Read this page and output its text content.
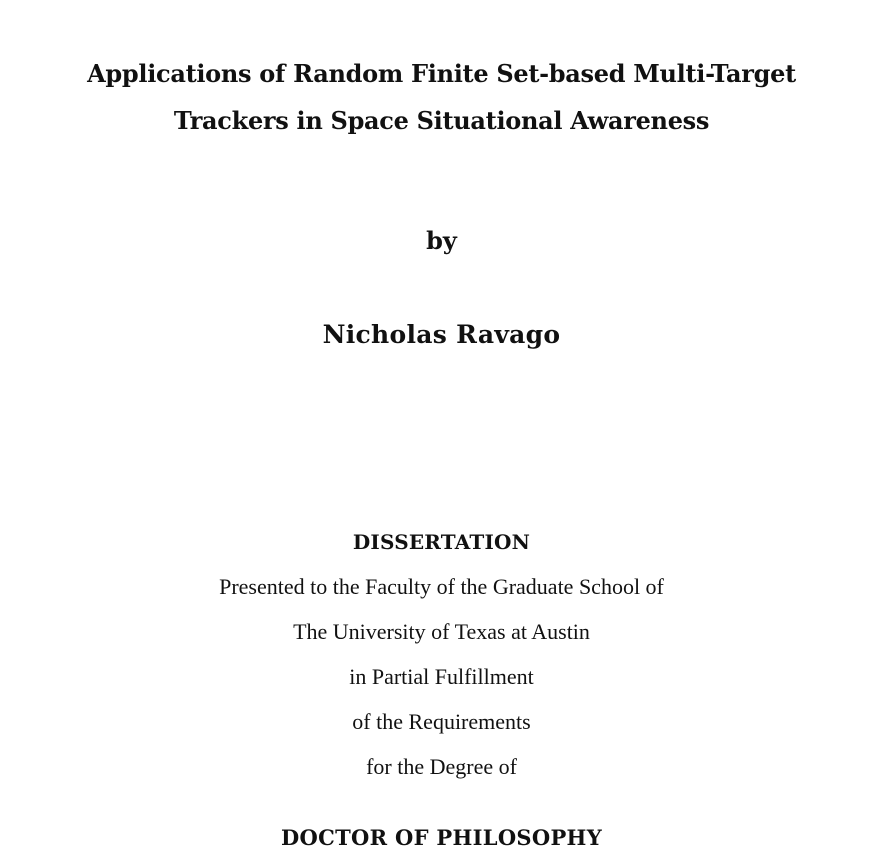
Applications of Random Finite Set-based Multi-Target
Trackers in Space Situational Awareness
by
Nicholas Ravago
DISSERTATION
Presented to the Faculty of the Graduate School of
The University of Texas at Austin
in Partial Fulfillment
of the Requirements
for the Degree of
DOCTOR OF PHILOSOPHY
